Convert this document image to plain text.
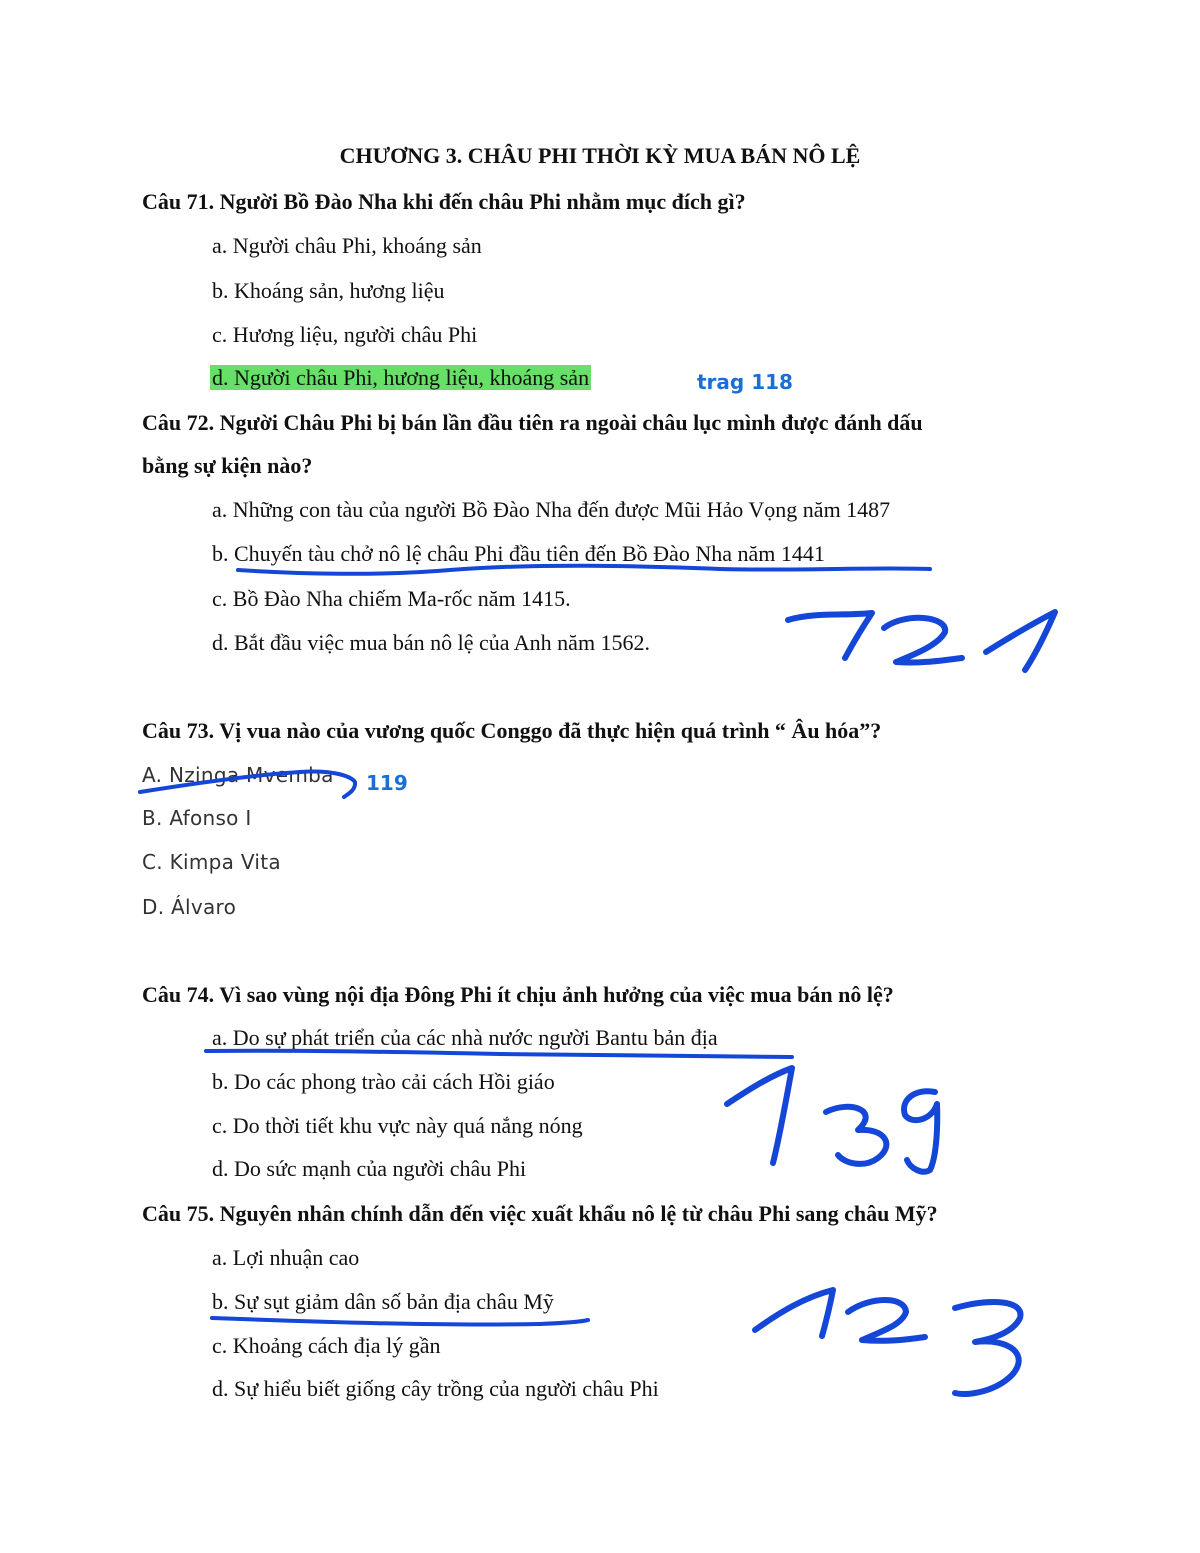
CHƯƠNG 3. CHÂU PHI THỜI KỲ MUA BÁN NÔ LỆ
Câu 71. Người Bồ Đào Nha khi đến châu Phi nhằm mục đích gì?
a. Người châu Phi, khoáng sản
b. Khoáng sản, hương liệu
c. Hương liệu, người châu Phi
d. Người châu Phi, hương liệu, khoáng sản	trag 118
Câu 72. Người Châu Phi bị bán lần đầu tiên ra ngoài châu lục mình được đánh dấu
bằng sự kiện nào?
a. Những con tàu của người Bồ Đào Nha đến được Mũi Hảo Vọng năm 1487
b. Chuyến tàu chở nô lệ châu Phi đầu tiên đến Bồ Đào Nha năm 1441
c. Bồ Đào Nha chiếm Ma-rốc năm 1415.
d. Bắt đầu việc mua bán nô lệ của Anh năm 1562.
Câu 73. Vị vua nào của vương quốc Conggo đã thực hiện quá trình “ Âu hóa”?
A. Nzinga Mvemba
B. Afonso I
C. Kimpa Vita
D. Álvaro
119
Câu 74. Vì sao vùng nội địa Đông Phi ít chịu ảnh hưởng của việc mua bán nô lệ?
a. Do sự phát triển của các nhà nước người Bantu bản địa
b. Do các phong trào cải cách Hồi giáo
c. Do thời tiết khu vực này quá nắng nóng
d. Do sức mạnh của người châu Phi
Câu 75. Nguyên nhân chính dẫn đến việc xuất khẩu nô lệ từ châu Phi sang châu Mỹ?
a. Lợi nhuận cao
b. Sự sụt giảm dân số bản địa châu Mỹ
c. Khoảng cách địa lý gần
d. Sự hiểu biết giống cây trồng của người châu Phi
